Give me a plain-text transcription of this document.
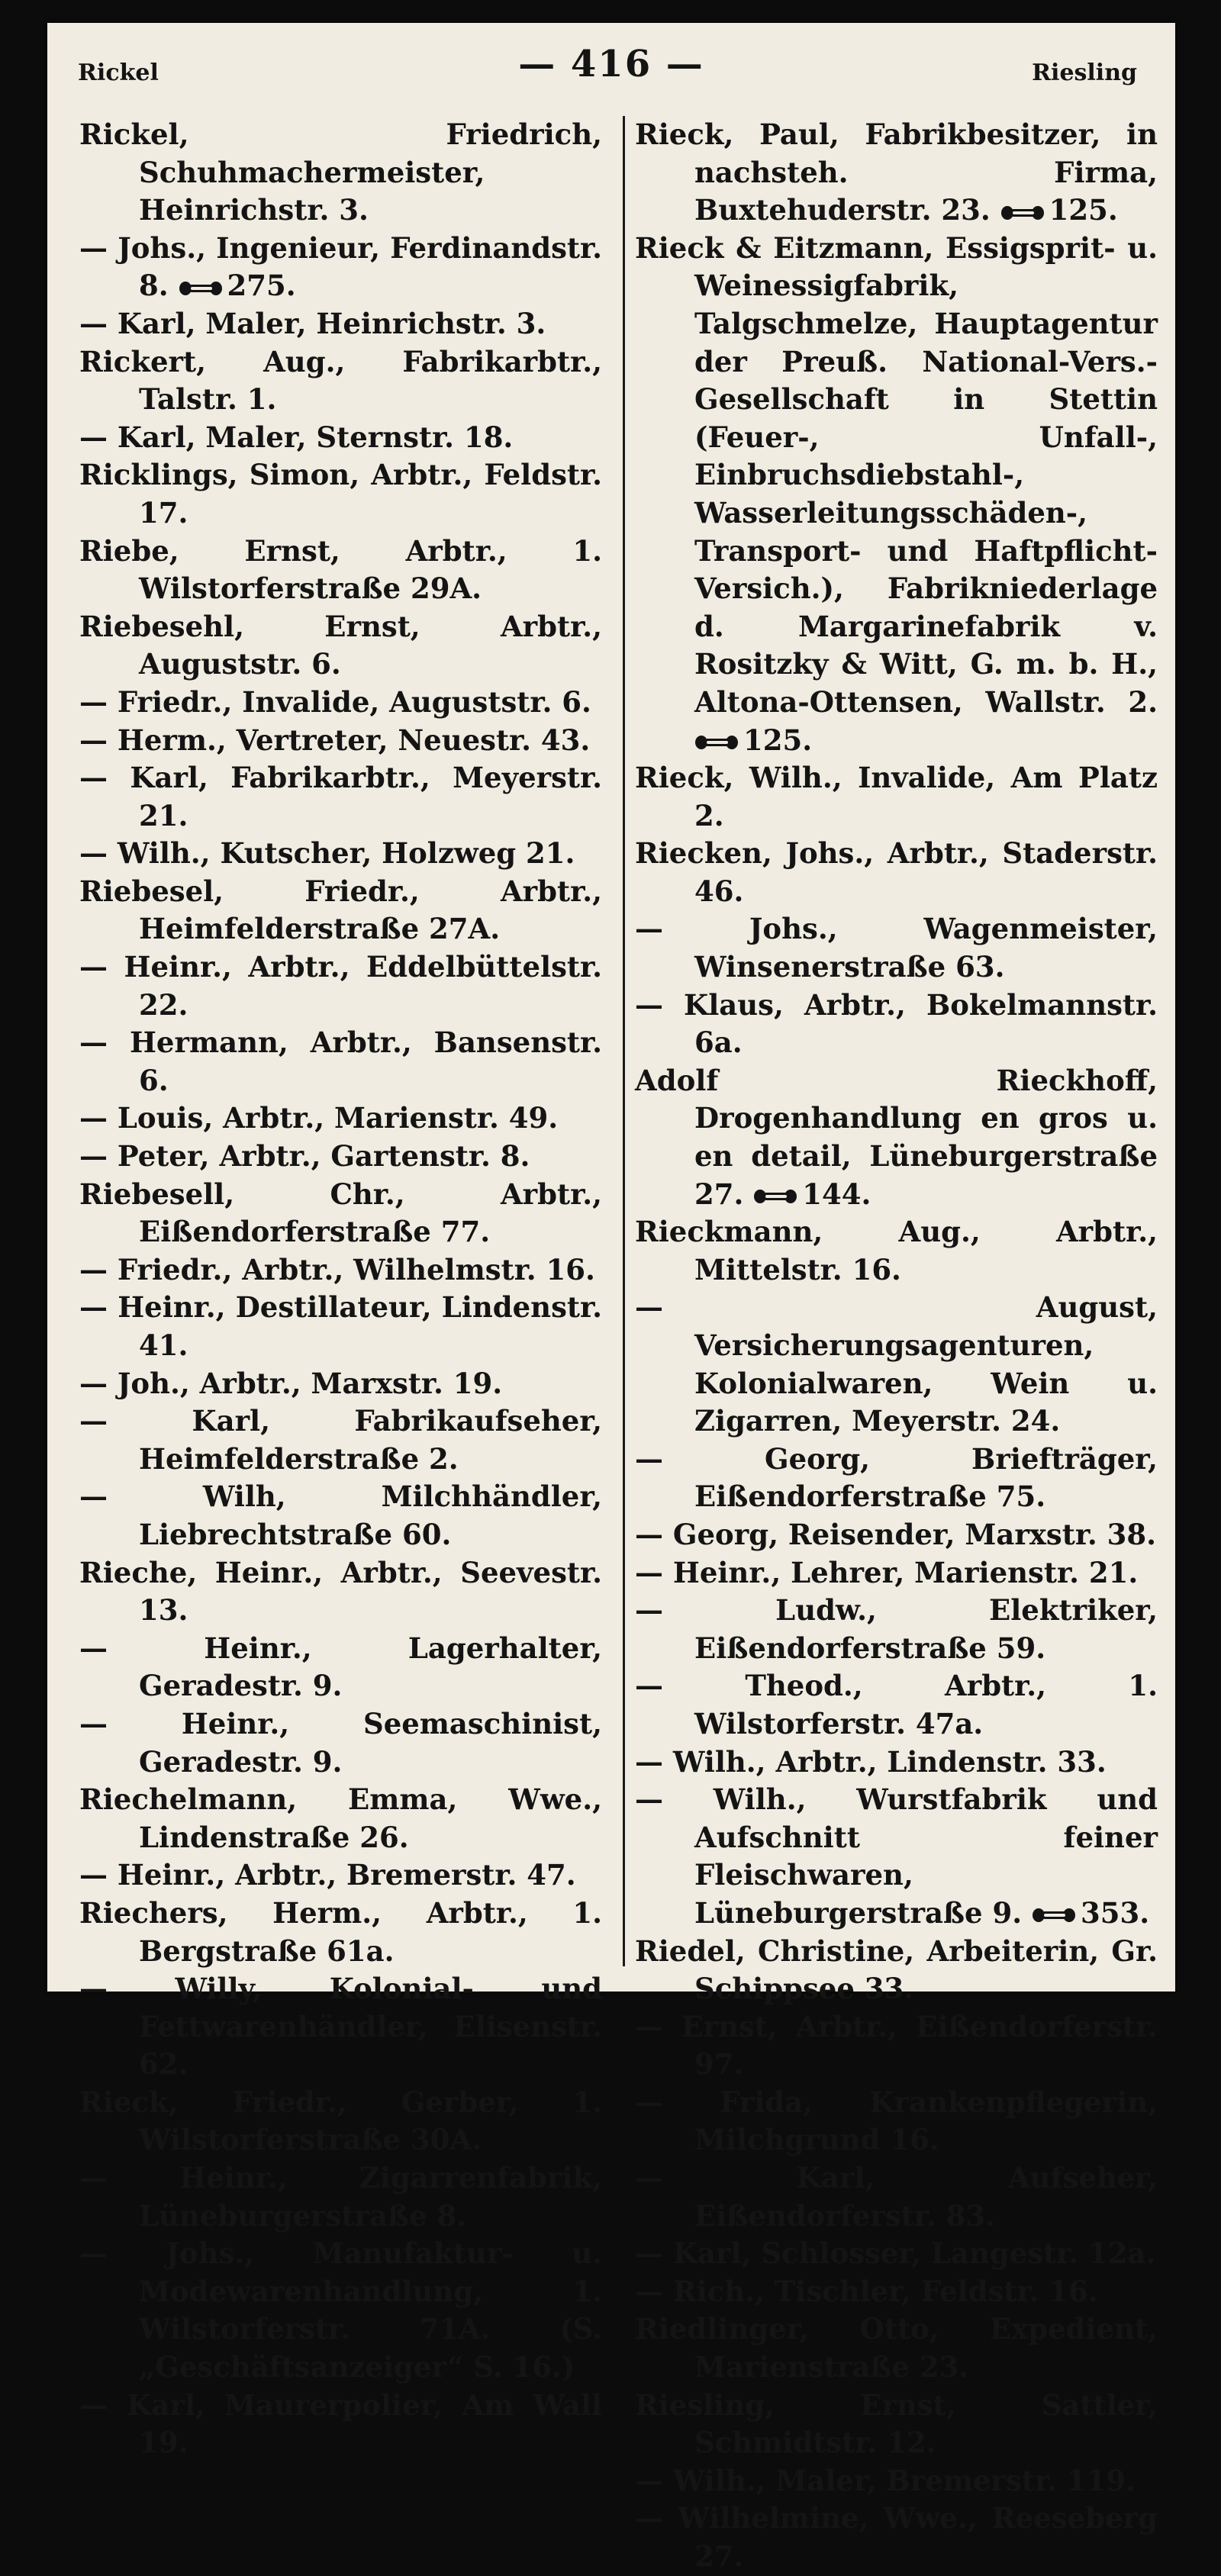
Rickel	— 416 —	Riesling

Rickel, Friedrich, Schuhmachermeister, Heinrichstr. 3.

— Johs., Ingenieur, Ferdinandstr. 8. 275.

— Karl, Maler, Heinrichstr. 3.

Rickert, Aug., Fabrikarbtr., Talstr. 1.

— Karl, Maler, Sternstr. 18.

Ricklings, Simon, Arbtr., Feldstr. 17.

Riebe, Ernst, Arbtr., 1. Wilstorferstraße 29A.

Riebesehl, Ernst, Arbtr., Auguststr. 6.

— Friedr., Invalide, Auguststr. 6.

— Herm., Vertreter, Neuestr. 43.

— Karl, Fabrikarbtr., Meyerstr. 21.

— Wilh., Kutscher, Holzweg 21.

Riebesel, Friedr., Arbtr., Heimfelderstraße 27A.

— Heinr., Arbtr., Eddelbüttelstr. 22.

— Hermann, Arbtr., Bansenstr. 6.

— Louis, Arbtr., Marienstr. 49.

— Peter, Arbtr., Gartenstr. 8.

Riebesell, Chr., Arbtr., Eißendorferstraße 77.

— Friedr., Arbtr., Wilhelmstr. 16.

— Heinr., Destillateur, Lindenstr. 41.

— Joh., Arbtr., Marxstr. 19.

— Karl, Fabrikaufseher, Heimfelderstraße 2.

— Wilh, Milchhändler, Liebrechtstraße 60.

Rieche, Heinr., Arbtr., Seevestr. 13.

— Heinr., Lagerhalter, Geradestr. 9.

— Heinr., Seemaschinist, Geradestr. 9.

Riechelmann, Emma, Wwe., Lindenstraße 26.

— Heinr., Arbtr., Bremerstr. 47.

Riechers, Herm., Arbtr., 1. Bergstraße 61a.

— Willy, Kolonial- und Fettwarenhändler, Elisenstr. 62.

Rieck, Friedr., Gerber, 1. Wilstorferstraße 30A.

— Heinr., Zigarrenfabrik, Lüneburgerstraße 8.

— Johs., Manufaktur- u. Modewarenhandlung, 1. Wilstorferstr. 71A. (S. „Geschäftsanzeiger“ S. 16.)

— Karl, Maurerpolier, Am Wall 19.

Rieck, Paul, Fabrikbesitzer, in nachsteh. Firma, Buxtehuderstr. 23. 125.

Rieck & Eitzmann, Essigsprit- u. Weinessigfabrik, Talgschmelze, Hauptagentur der Preuß. National-Vers.-Gesellschaft in Stettin (Feuer-, Unfall-, Einbruchsdiebstahl-, Wasserleitungsschäden-, Transport- und Haftpflicht-Versich.), Fabrikniederlage d. Margarinefabrik v. Rositzky & Witt, G. m. b. H., Altona-Ottensen, Wallstr. 2.
125.

Rieck, Wilh., Invalide, Am Platz 2.

Riecken, Johs., Arbtr., Staderstr. 46.

— Johs., Wagenmeister, Winsenerstraße 63.

— Klaus, Arbtr., Bokelmannstr. 6a.

Adolf Rieckhoff, Drogenhandlung en gros u. en detail, Lüneburgerstraße 27. 144.

Rieckmann, Aug., Arbtr., Mittelstr. 16.

— August, Versicherungsagenturen, Kolonialwaren, Wein u. Zigarren, Meyerstr. 24.

— Georg, Briefträger, Eißendorferstraße 75.

— Georg, Reisender, Marxstr. 38.

— Heinr., Lehrer, Marienstr. 21.

— Ludw., Elektriker, Eißendorferstraße 59.

— Theod., Arbtr., 1. Wilstorferstr. 47a.

— Wilh., Arbtr., Lindenstr. 33.

— Wilh., Wurstfabrik und Aufschnitt feiner Fleischwaren, Lüneburgerstraße 9. 353.

Riedel, Christine, Arbeiterin, Gr. Schippsee 33.

— Ernst, Arbtr., Eißendorferstr. 97.

— Frida, Krankenpflegerin, Milchgrund 16.

— Karl, Aufseher, Eißendorferstr. 83.

— Karl, Schlosser, Langestr. 12a.

— Rich., Tischler, Feldstr. 16.

Riedlinger, Otto, Expedient, Marienstraße 23.

Riesling, Ernst, Sattler, Schmidtstr. 12.

— Wilh., Maler, Bremerstr. 119.

— Wilhelmine, Wwe., Reeseberg 27.
